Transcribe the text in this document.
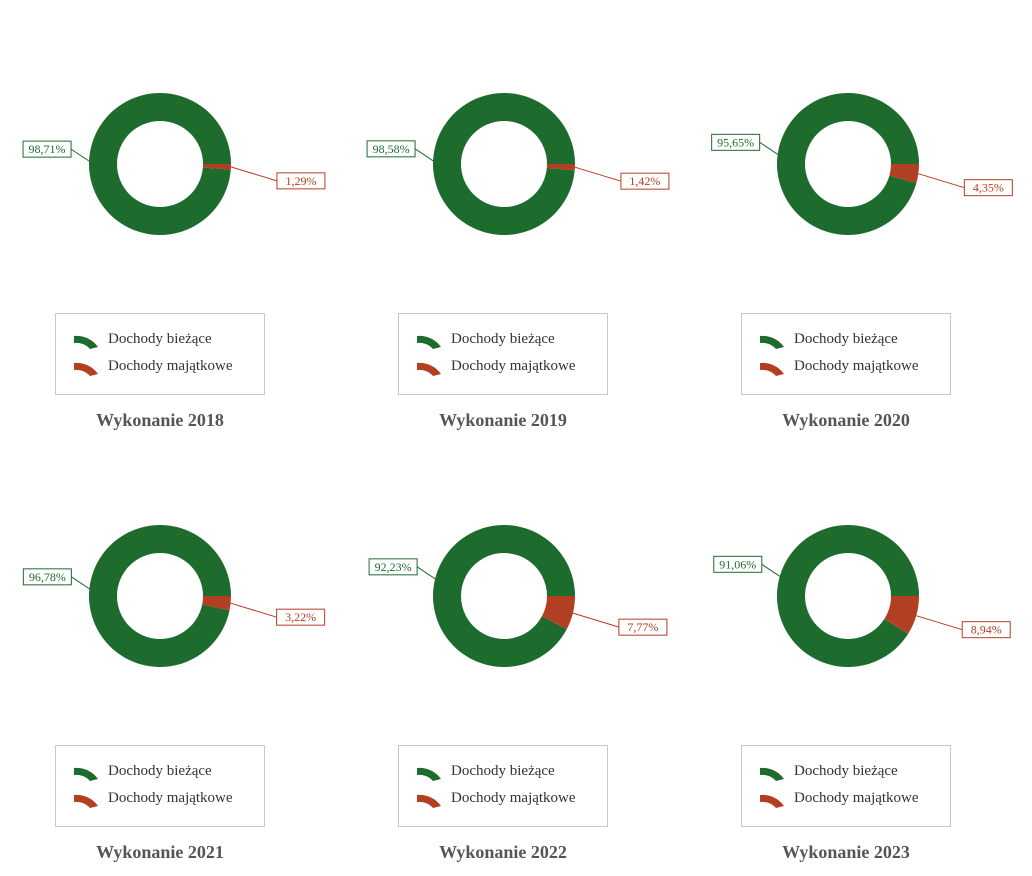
98,71%
1,29%
Dochody bieżące
Dochody majątkowe
Wykonanie 2018
98,58%
1,42%
Dochody bieżące
Dochody majątkowe
Wykonanie 2019
95,65%
4,35%
Dochody bieżące
Dochody majątkowe
Wykonanie 2020
96,78%
3,22%
Dochody bieżące
Dochody majątkowe
Wykonanie 2021
92,23%
7,77%
Dochody bieżące
Dochody majątkowe
Wykonanie 2022
91,06%
8,94%
Dochody bieżące
Dochody majątkowe
Wykonanie 2023
